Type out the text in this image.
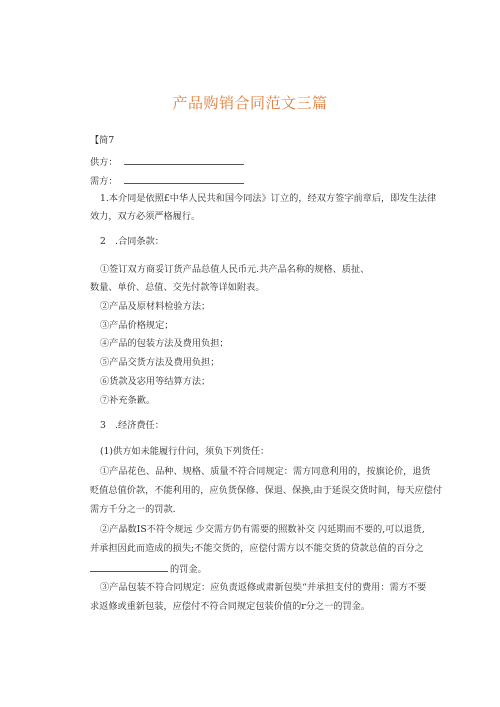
产品购销合同范文三篇
【简7
供方：
需方：
1.本介同是依照£中华人民共和国今同法》订立的，经双方签字前章后，即发生法律
效力，双方必须严格履行。
2　.合同条款：
①签订双方商妥订货产品总值人民币元.共产品名称的规格、质扯、
数量、单价、总值、交先付款等详如附表。
②产品及原材料检验方法；
③产品价格规定；
④产品的包装方法及费用负担；
⑤产品交货方法及费用负担；
⑥货款及宓用等结算方法；
⑦补充条歉。
3　.经济费任：
(1)供方如未能履行什问，须负下列货任：
①产品花色、品种、规格、质量不符合同规定：需方同意利用的，按旗论价，退货
贬值总值价款，不能利用的，应负货保修、保退、保换,由于延误交货时间，每天应偿付
需方千分之一的罚款.
②产晶数IS不符令规远 少交需方仍有需要的照数补交 闪延期而不要的,可以退货,
并承担因此而造成的损失;不能交货的，应偿付需方以不能交货的贷款总值的百分之
的罚金。
③产品包装不符合同规定：应负责返修或肃新包奘“并承担支付的费用：需方不要
求返修或重新包装，应偿付不符合同规定包装价值的r分之一的罚金。
